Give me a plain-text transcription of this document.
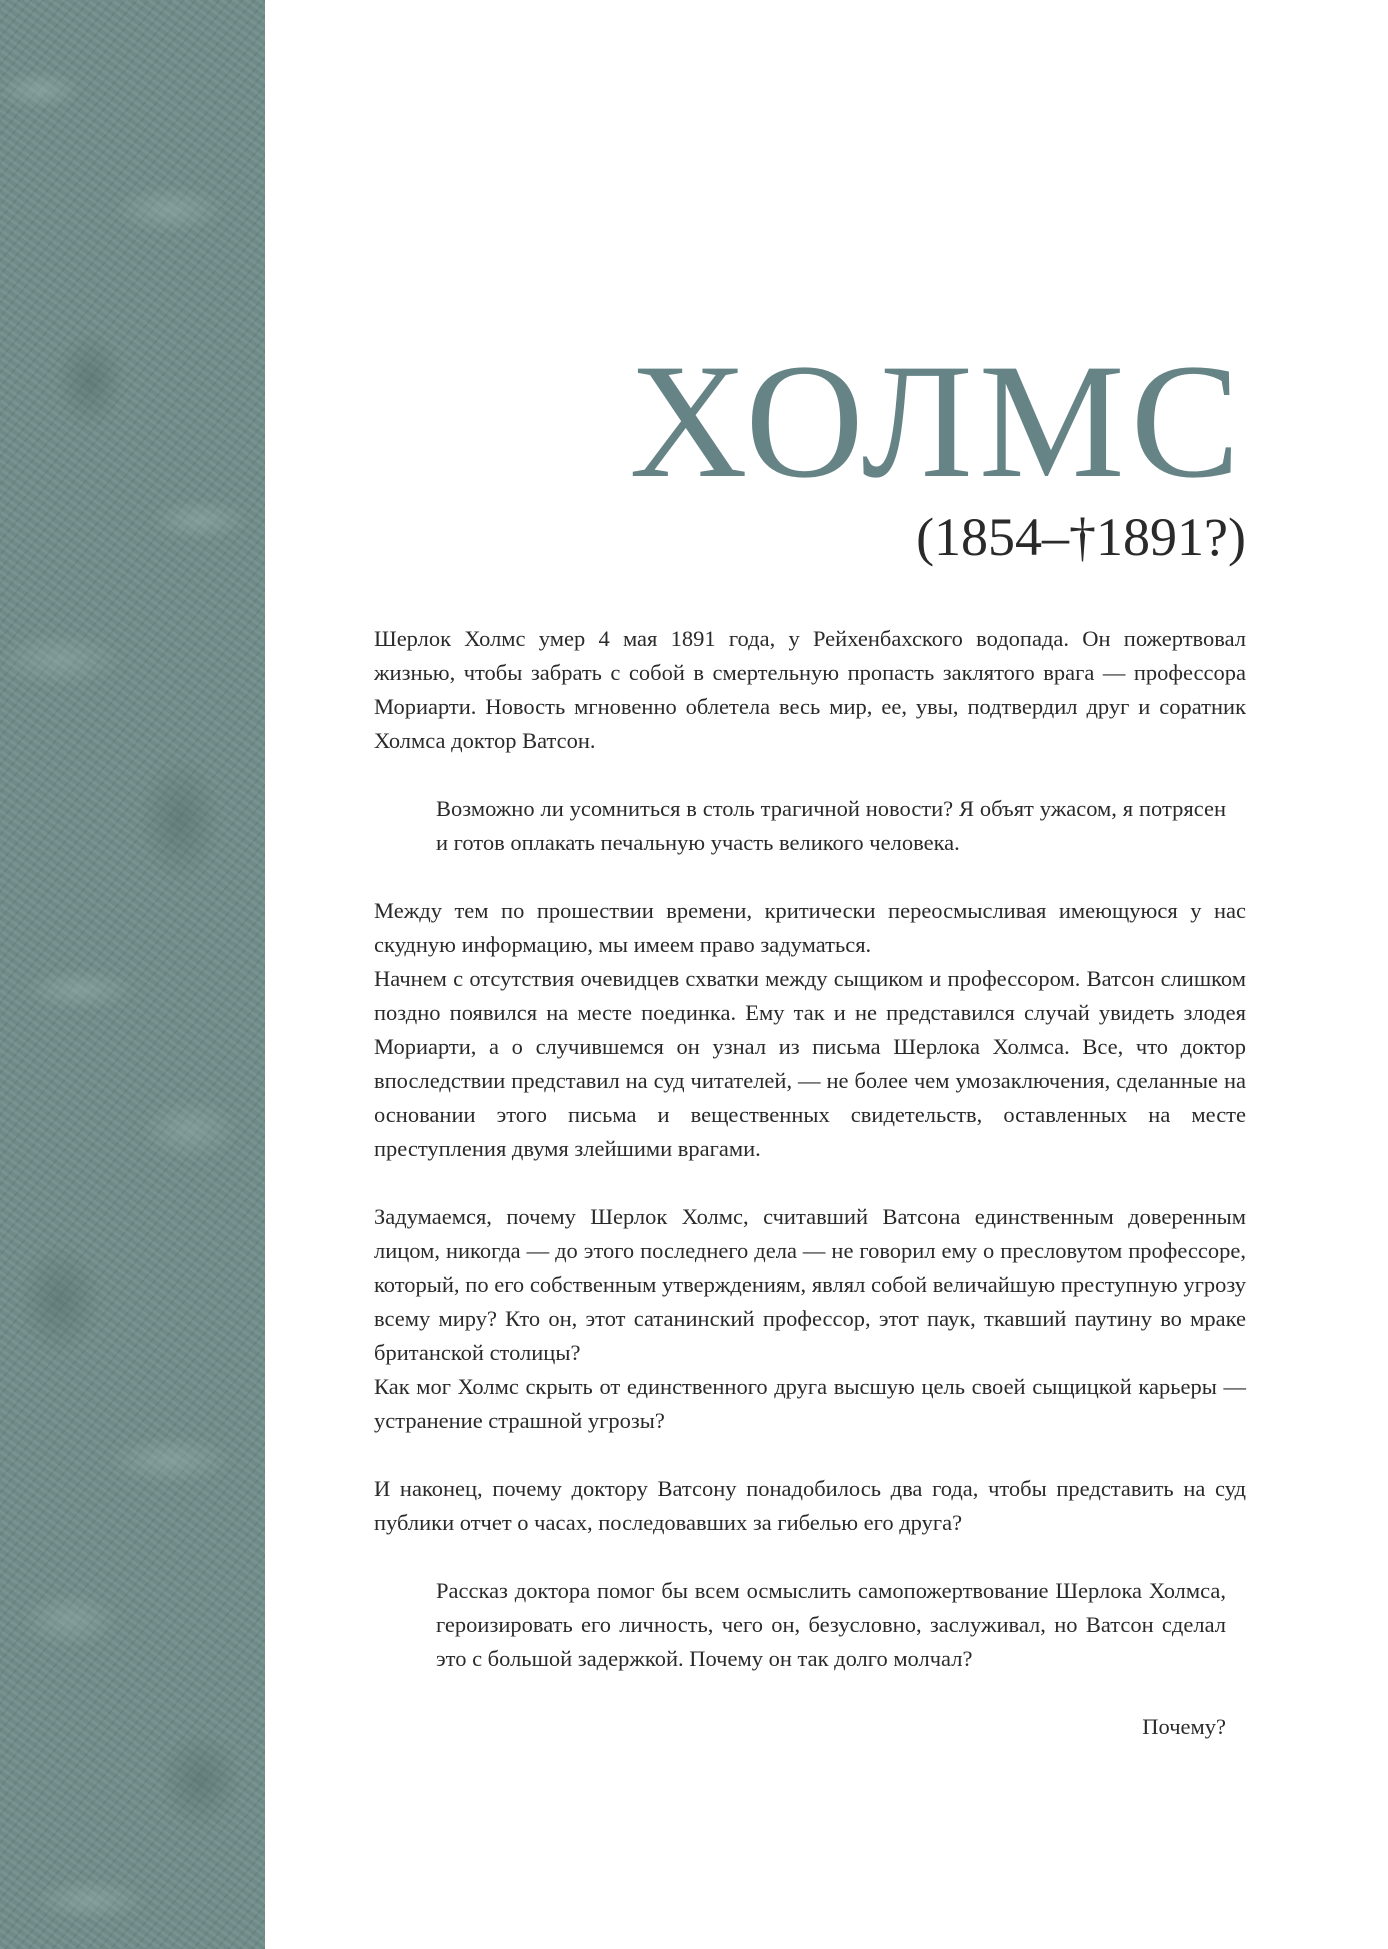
ХОЛМС
(1854–†1891?)

Шерлок Холмс умер 4 мая 1891 года, у Рейхенбахского водопада. Он пожертвовал жизнью, чтобы забрать с собой в смертельную пропасть заклятого врага — профессора Мориарти. Новость мгновенно облетела весь мир, ее, увы, подтвердил друг и соратник Холмса доктор Ватсон.

Возможно ли усомниться в столь трагичной новости? Я объят ужасом, я потрясен и готов оплакать печальную участь великого человека.

Между тем по прошествии времени, критически переосмысливая имеющуюся у нас скудную информацию, мы имеем право задуматься.

Начнем с отсутствия очевидцев схватки между сыщиком и профессором. Ватсон слишком поздно появился на месте поединка. Ему так и не представился случай увидеть злодея Мориарти, а о случившемся он узнал из письма Шерлока Холмса. Все, что доктор впоследствии представил на суд читателей, — не более чем умозаключения, сделанные на основании этого письма и вещественных свидетельств, оставленных на месте преступления двумя злейшими врагами.

Задумаемся, почему Шерлок Холмс, считавший Ватсона единственным доверенным лицом, никогда — до этого последнего дела — не говорил ему о пресловутом профессоре, который, по его собственным утверждениям, являл собой величайшую преступную угрозу всему миру? Кто он, этот сатанинский профессор, этот паук, ткавший паутину во мраке британской столицы?

Как мог Холмс скрыть от единственного друга высшую цель своей сыщицкой карьеры — устранение страшной угрозы?

И наконец, почему доктору Ватсону понадобилось два года, чтобы представить на суд публики отчет о часах, последовавших за гибелью его друга?

Рассказ доктора помог бы всем осмыслить самопожертвование Шерлока Холмса, героизировать его личность, чего он, безусловно, заслуживал, но Ватсон сделал это с большой задержкой. Почему он так долго молчал?

Почему?
